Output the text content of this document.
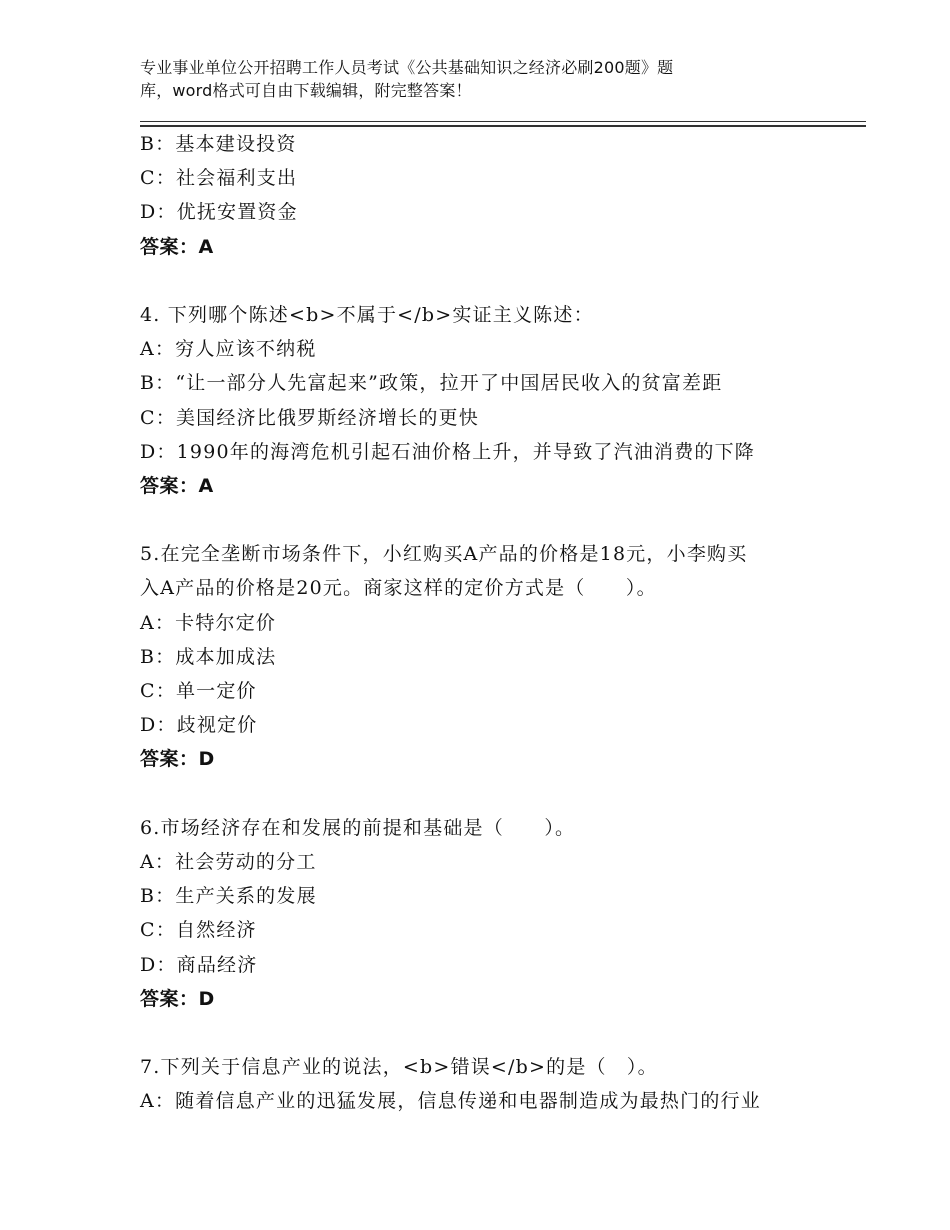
专业事业单位公开招聘工作人员考试《公共基础知识之经济必刷200题》题
库，word格式可自由下载编辑，附完整答案！
B：基本建设投资
C：社会福利支出
D：优抚安置资金
答案：A
4. 下列哪个陈述<b>不属于</b>实证主义陈述：
A：穷人应该不纳税
B：“让一部分人先富起来”政策，拉开了中国居民收入的贫富差距
C：美国经济比俄罗斯经济增长的更快
D：1990年的海湾危机引起石油价格上升，并导致了汽油消费的下降
答案：A
5.在完全垄断市场条件下，小红购买A产品的价格是18元，小李购买
入A产品的价格是20元。商家这样的定价方式是（　　）。
A：卡特尔定价
B：成本加成法
C：单一定价
D：歧视定价
答案：D
6.市场经济存在和发展的前提和基础是（　　）。
A：社会劳动的分工
B：生产关系的发展
C：自然经济
D：商品经济
答案：D
7.下列关于信息产业的说法，<b>错误</b>的是（　）。
A：随着信息产业的迅猛发展，信息传递和电器制造成为最热门的行业
